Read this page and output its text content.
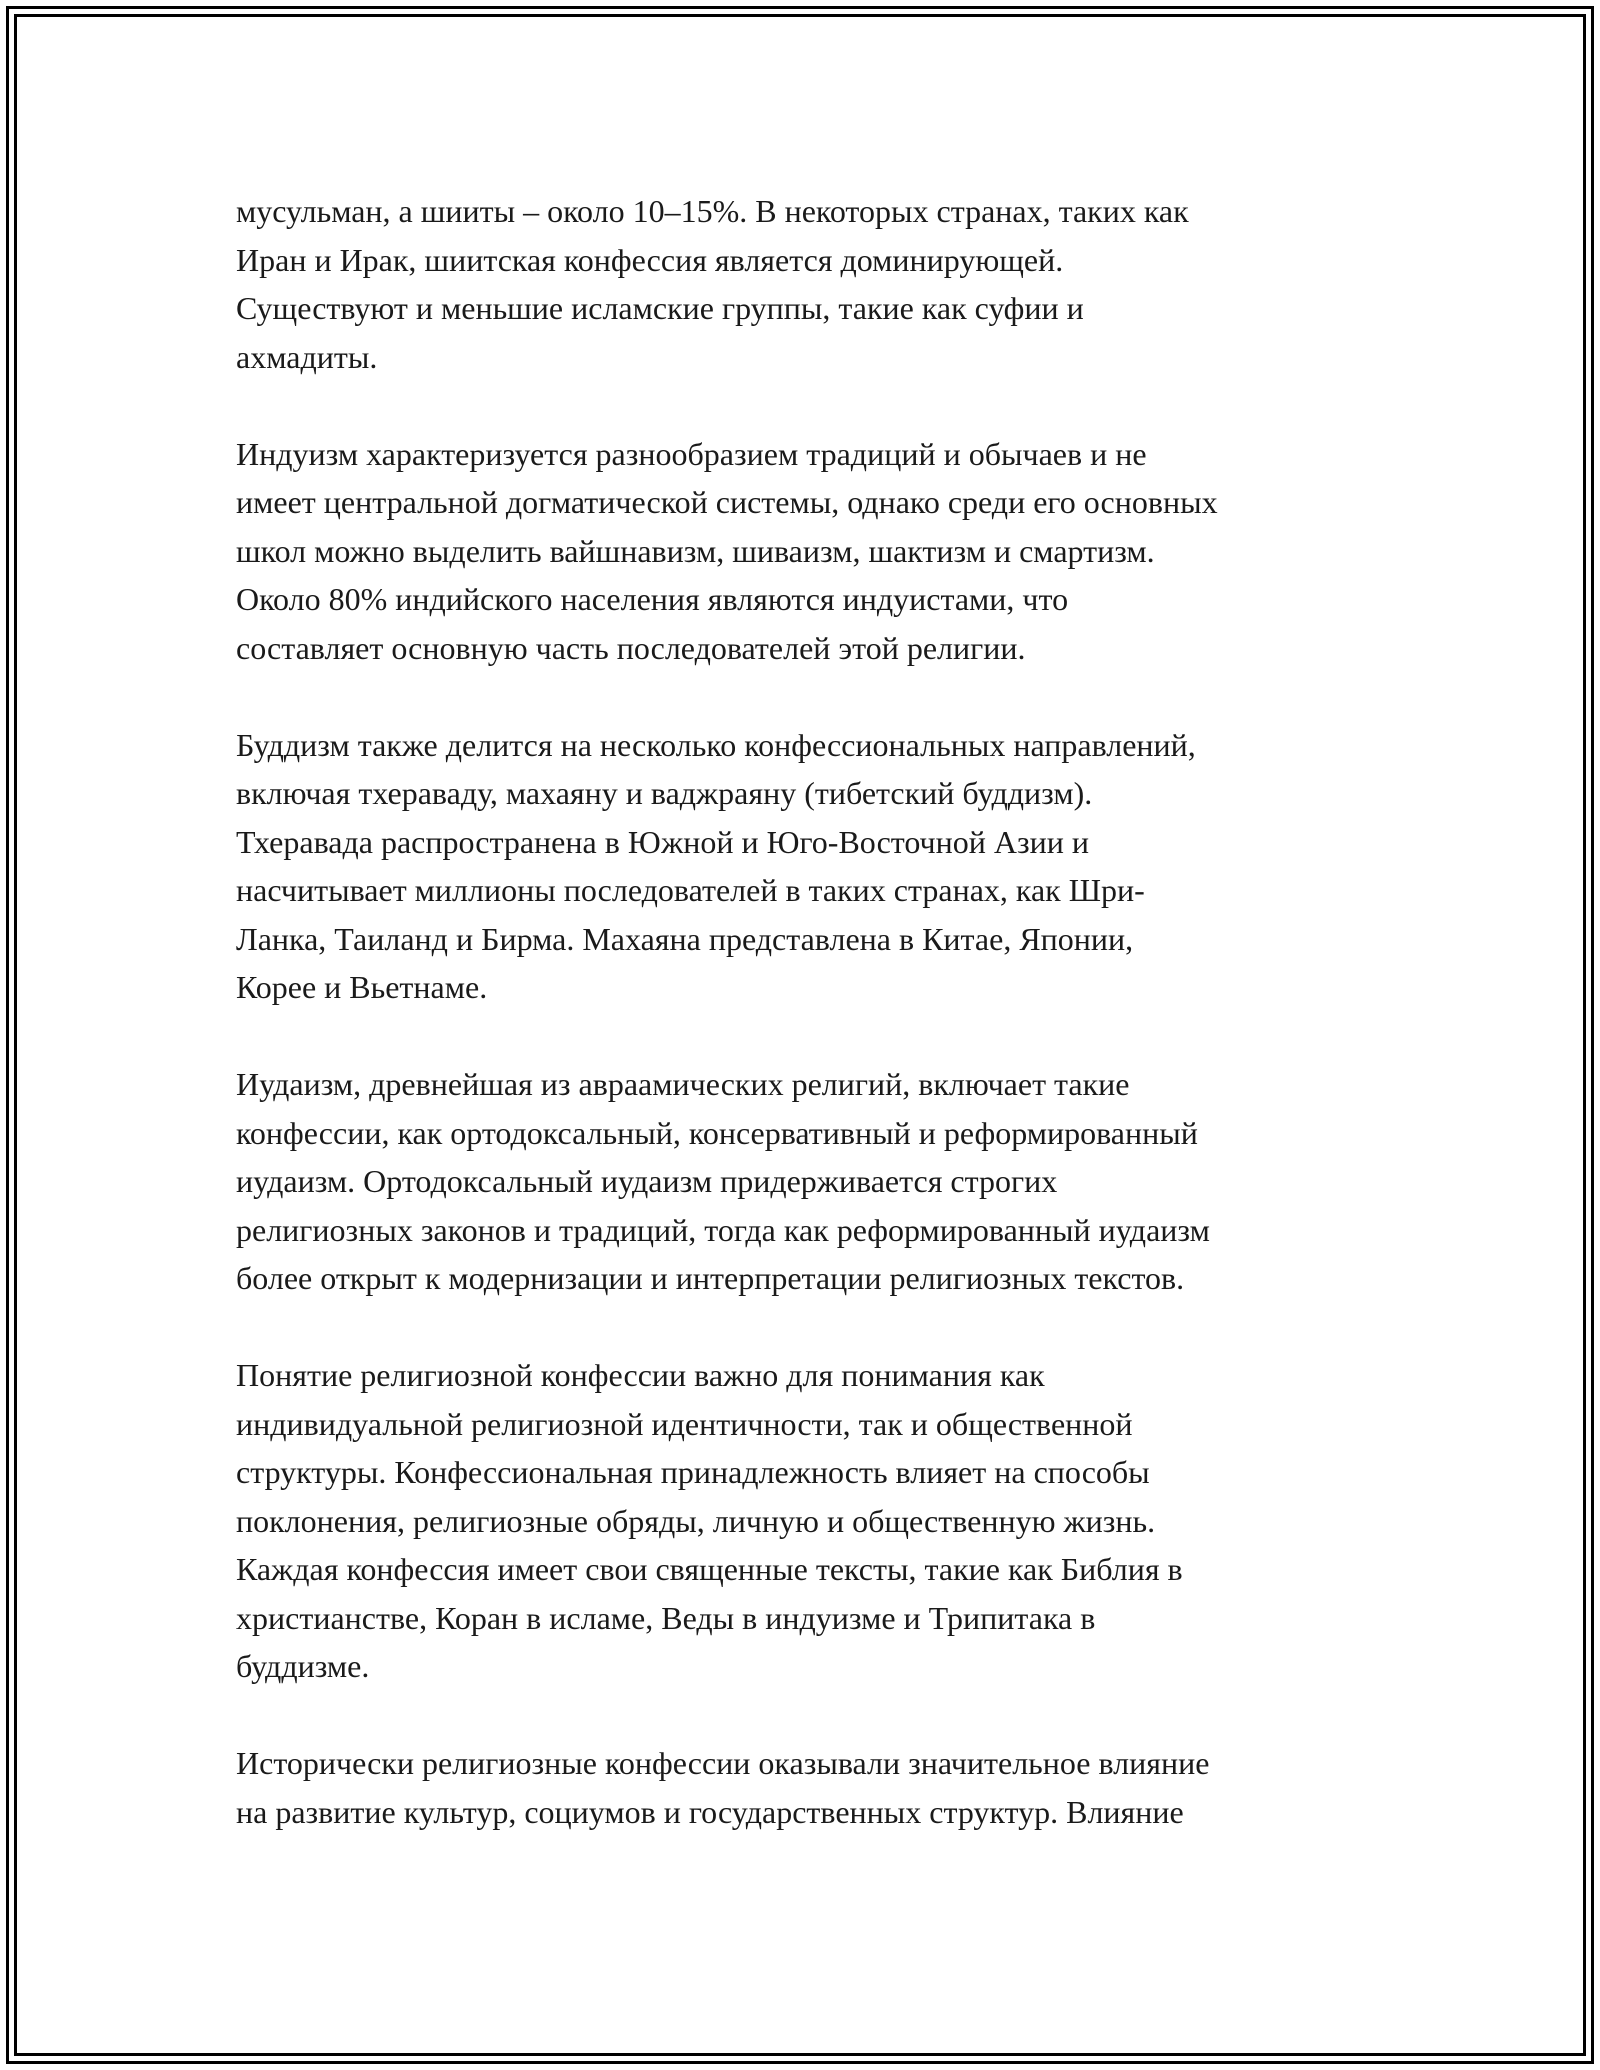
мусульман, а шииты – около 10–15%. В некоторых странах, таких как
Иран и Ирак, шиитская конфессия является доминирующей.
Существуют и меньшие исламские группы, такие как суфии и
ахмадиты.
Индуизм характеризуется разнообразием традиций и обычаев и не
имеет центральной догматической системы, однако среди его основных
школ можно выделить вайшнавизм, шиваизм, шактизм и смартизм.
Около 80% индийского населения являются индуистами, что
составляет основную часть последователей этой религии.
Буддизм также делится на несколько конфессиональных направлений,
включая тхераваду, махаяну и ваджраяну (тибетский буддизм).
Тхеравада распространена в Южной и Юго-Восточной Азии и
насчитывает миллионы последователей в таких странах, как Шри-
Ланка, Таиланд и Бирма. Махаяна представлена в Китае, Японии,
Корее и Вьетнаме.
Иудаизм, древнейшая из авраамических религий, включает такие
конфессии, как ортодоксальный, консервативный и реформированный
иудаизм. Ортодоксальный иудаизм придерживается строгих
религиозных законов и традиций, тогда как реформированный иудаизм
более открыт к модернизации и интерпретации религиозных текстов.
Понятие религиозной конфессии важно для понимания как
индивидуальной религиозной идентичности, так и общественной
структуры. Конфессиональная принадлежность влияет на способы
поклонения, религиозные обряды, личную и общественную жизнь.
Каждая конфессия имеет свои священные тексты, такие как Библия в
христианстве, Коран в исламе, Веды в индуизме и Трипитака в
буддизме.
Исторически религиозные конфессии оказывали значительное влияние
на развитие культур, социумов и государственных структур. Влияние
